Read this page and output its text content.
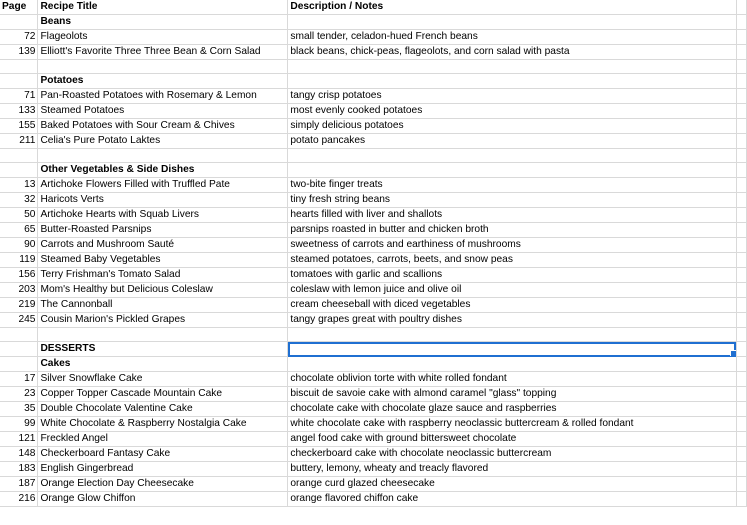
Page	Recipe Title	Description / Notes	
	Beans		
72	Flageolots	small tender, celadon-hued French beans	
139	Elliott's Favorite Three Three Bean & Corn Salad	black beans, chick-peas, flageolots, and corn salad with pasta	

	Potatoes		
71	Pan-Roasted Potatoes with Rosemary & Lemon	tangy crisp potatoes	
133	Steamed Potatoes	most evenly cooked potatoes	
155	Baked Potatoes with Sour Cream & Chives	simply delicious potatoes	
211	Celia's Pure Potato Laktes	potato pancakes	

	Other Vegetables & Side Dishes		
13	Artichoke Flowers Filled with Truffled Pate	two-bite finger treats	
32	Haricots Verts	tiny fresh string beans	
50	Artichoke Hearts with Squab Livers	hearts filled with liver and shallots	
65	Butter-Roasted Parsnips	parsnips roasted in butter and chicken broth	
90	Carrots and Mushroom Sauté	sweetness of carrots and earthiness of mushrooms	
119	Steamed Baby Vegetables	steamed potatoes, carrots, beets, and snow peas	
156	Terry Frishman's Tomato Salad	tomatoes with garlic and scallions	
203	Mom's Healthy but Delicious Coleslaw	coleslaw with lemon juice and olive oil	
219	The Cannonball	cream cheeseball with diced vegetables	
245	Cousin Marion's Pickled Grapes	tangy grapes great with poultry dishes	

	DESSERTS	

	Cakes		
17	Silver Snowflake Cake	chocolate oblivion torte with white rolled fondant	
23	Copper Topper Cascade Mountain Cake	biscuit de savoie cake with almond caramel "glass" topping	
35	Double Chocolate Valentine Cake	chocolate cake with chocolate glaze sauce and raspberries	
99	White Chocolate & Raspberry Nostalgia Cake	white chocolate cake with raspberry neoclassic buttercream & rolled fondant	
121	Freckled Angel	angel food cake with ground bittersweet chocolate	
148	Checkerboard Fantasy Cake	checkerboard cake with chocolate neoclassic buttercream	
183	English Gingerbread	buttery, lemony, wheaty and treacly flavored	
187	Orange Election Day Cheesecake	orange curd glazed cheesecake	
216	Orange Glow Chiffon	orange flavored chiffon cake	
